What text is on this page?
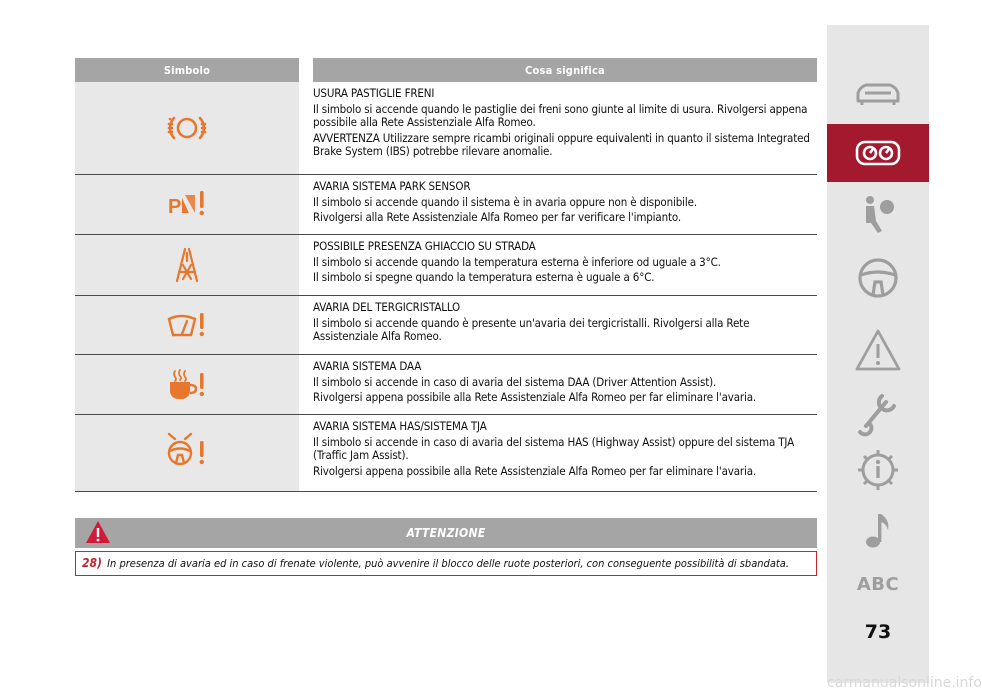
Simbolo	Cosa significa

USURA PASTIGLIE FRENI

Il simbolo si accende quando le pastiglie dei freni sono giunte al limite di usura. Rivolgersi appena possibile alla Rete Assistenziale Alfa Romeo.

AVVERTENZA Utilizzare sempre ricambi originali oppure equivalenti in quanto il sistema Integrated Brake System (IBS) potrebbe rilevare anomalie.

P

AVARIA SISTEMA PARK SENSOR

Il simbolo si accende quando il sistema è in avaria oppure non è disponibile.

Rivolgersi alla Rete Assistenziale Alfa Romeo per far verificare l'impianto.

POSSIBILE PRESENZA GHIACCIO SU STRADA

Il simbolo si accende quando la temperatura esterna è inferiore od uguale a 3°C.

Il simbolo si spegne quando la temperatura esterna è uguale a 6°C.

AVARIA DEL TERGICRISTALLO

Il simbolo si accende quando è presente un'avaria dei tergicristalli. Rivolgersi alla Rete Assistenziale Alfa Romeo.

AVARIA SISTEMA DAA

Il simbolo si accende in caso di avaria del sistema DAA (Driver Attention Assist).

Rivolgersi appena possibile alla Rete Assistenziale Alfa Romeo per far eliminare l'avaria.

AVARIA SISTEMA HAS/SISTEMA TJA

Il simbolo si accende in caso di avaria del sistema HAS (Highway Assist) oppure del sistema TJA (Traffic Jam Assist).

Rivolgersi appena possibile alla Rete Assistenziale Alfa Romeo per far eliminare l'avaria.

ATTENZIONE
28) In presenza di avaria ed in caso di frenate violente, può avvenire il blocco delle ruote posteriori, con conseguente possibilità di sbandata.
ABC
73
carmanualsonline.info
